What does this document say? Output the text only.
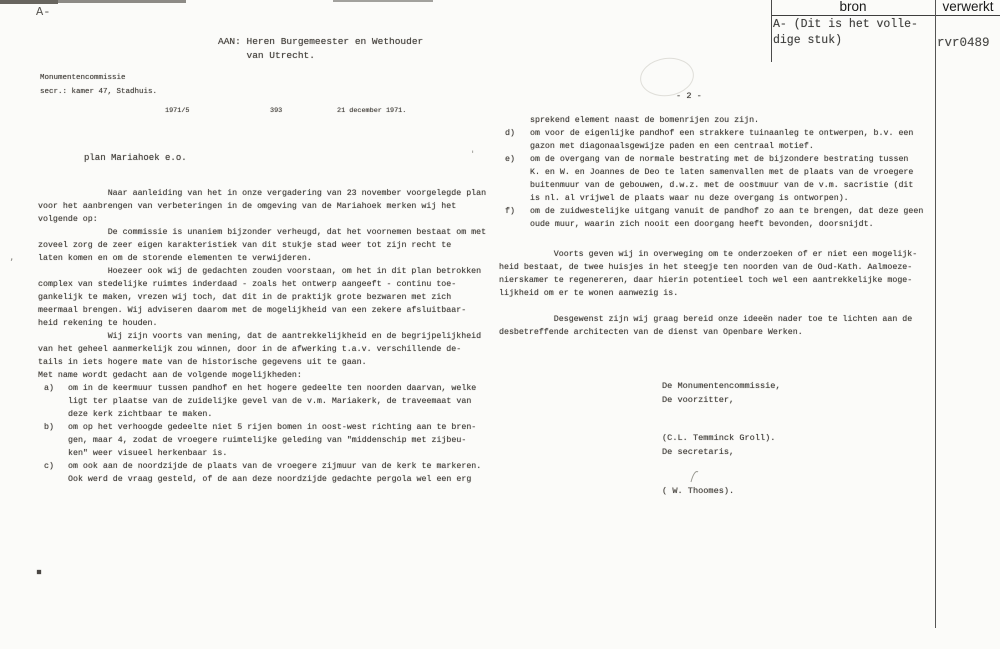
A-	bron	verwerkt
A- (Dit is het volle-
dige stuk)	rvr0489
AAN: Heren Burgemeester en Wethouder
van Utrecht.
Monumentencommissie
secr.: kamer 47, Stadhuis.
1971/5	393	21 december 1971.
plan Mariahoek e.o.
Naar aanleiding van het in onze vergadering van 23 november voorgelegde plan
voor het aanbrengen van verbeteringen in de omgeving van de Mariahoek merken wij het
volgende op:
De commissie is unaniem bijzonder verheugd, dat het voornemen bestaat om met
zoveel zorg de zeer eigen karakteristiek van dit stukje stad weer tot zijn recht te
laten komen en om de storende elementen te verwijderen.
Hoezeer ook wij de gedachten zouden voorstaan, om het in dit plan betrokken
complex van stedelijke ruimtes inderdaad - zoals het ontwerp aangeeft - continu toe-
gankelijk te maken, vrezen wij toch, dat dit in de praktijk grote bezwaren met zich
meermaal brengen. Wij adviseren daarom met de mogelijkheid van een zekere afsluitbaar-
heid rekening te houden.
Wij zijn voorts van mening, dat de aantrekkelijkheid en de begrijpelijkheid
van het geheel aanmerkelijk zou winnen, door in de afwerking t.a.v. verschillende de-
tails in iets hogere mate van de historische gegevens uit te gaan.
Met name wordt gedacht aan de volgende mogelijkheden:
a) om in de keermuur tussen pandhof en het hogere gedeelte ten noorden daarvan, welke
ligt ter plaatse van de zuidelijke gevel van de v.m. Mariakerk, de traveemaat van
deze kerk zichtbaar te maken.
b) om op het verhoogde gedeelte niet 5 rijen bomen in oost-west richting aan te bren-
gen, maar 4, zodat de vroegere ruimtelijke geleding van "middenschip met zijbeu-
ken" weer visueel herkenbaar is.
c) om ook aan de noordzijde de plaats van de vroegere zijmuur van de kerk te markeren.
Ook werd de vraag gesteld, of de aan deze noordzijde gedachte pergola wel een erg
,
'
- 2 -
sprekend element naast de bomenrijen zou zijn.
d) om voor de eigenlijke pandhof een strakkere tuinaanleg te ontwerpen, b.v. een
gazon met diagonaalsgewijze paden en een centraal motief.
e) om de overgang van de normale bestrating met de bijzondere bestrating tussen
K. en W. en Joannes de Deo te laten samenvallen met de plaats van de vroegere
buitenmuur van de gebouwen, d.w.z. met de oostmuur van de v.m. sacristie (dit
is nl. al vrijwel de plaats waar nu deze overgang is ontworpen).
f) om de zuidwestelijke uitgang vanuit de pandhof zo aan te brengen, dat deze geen
oude muur, waarin zich nooit een doorgang heeft bevonden, doorsnijdt.
Voorts geven wij in overweging om te onderzoeken of er niet een mogelijk-
heid bestaat, de twee huisjes in het steegje ten noorden van de Oud-Kath. Aalmoeze-
nierskamer te regenereren, daar hierin potentieel toch wel een aantrekkelijke moge-
lijkheid om er te wonen aanwezig is.
Desgewenst zijn wij graag bereid onze ideeën nader toe te lichten aan de
desbetreffende architecten van de dienst van Openbare Werken.
De Monumentencommissie,
De voorzitter,
(C.L. Temminck Groll).
De secretaris,
( W. Thoomes).
